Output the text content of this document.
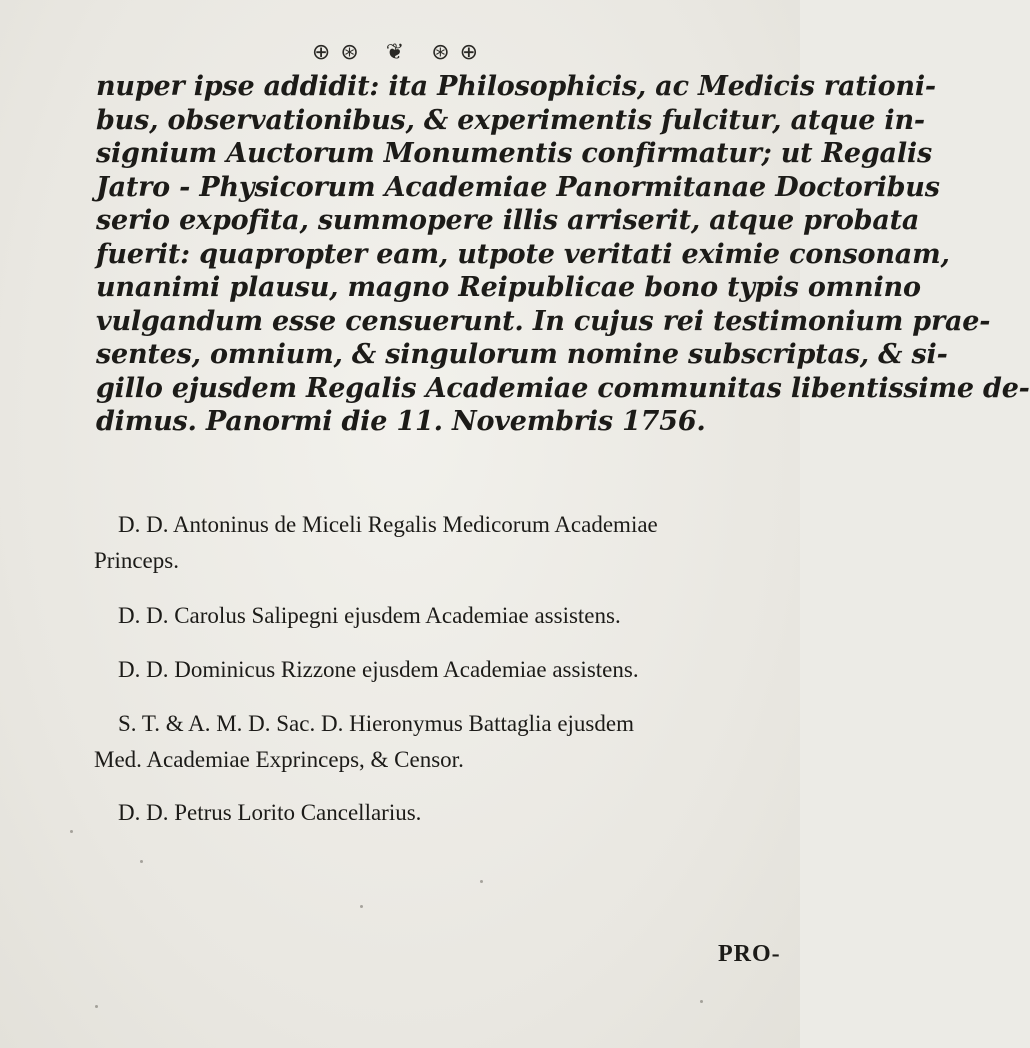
⊕⊛ ❦ ⊛⊕

nuper ipse addidit: ita Philosophicis, ac Medicis rationi-

bus, observationibus, & experimentis fulcitur, atque in-

signium Auctorum Monumentis confirmatur; ut Regalis

Jatro - Physicorum Academiae Panormitanae Doctoribus

serio expofita, summopere illis arriserit, atque probata

fuerit: quapropter eam, utpote veritati eximie consonam,

unanimi plausu, magno Reipublicae bono typis omnino

vulgandum esse censuerunt. In cujus rei testimonium prae-

sentes, omnium, & singulorum nomine subscriptas, & si-

gillo ejusdem Regalis Academiae communitas libentissime de-

dimus. Panormi die 11. Novembris 1756.

D. D. Antoninus de Miceli Regalis Medicorum Academiae

Princeps.

D. D. Carolus Salipegni ejusdem Academiae assistens.

D. D. Dominicus Rizzone ejusdem Academiae assistens.

S. T. & A. M. D. Sac. D. Hieronymus Battaglia ejusdem

Med. Academiae Exprinceps, & Censor.

D. D. Petrus Lorito Cancellarius.

PRO-
